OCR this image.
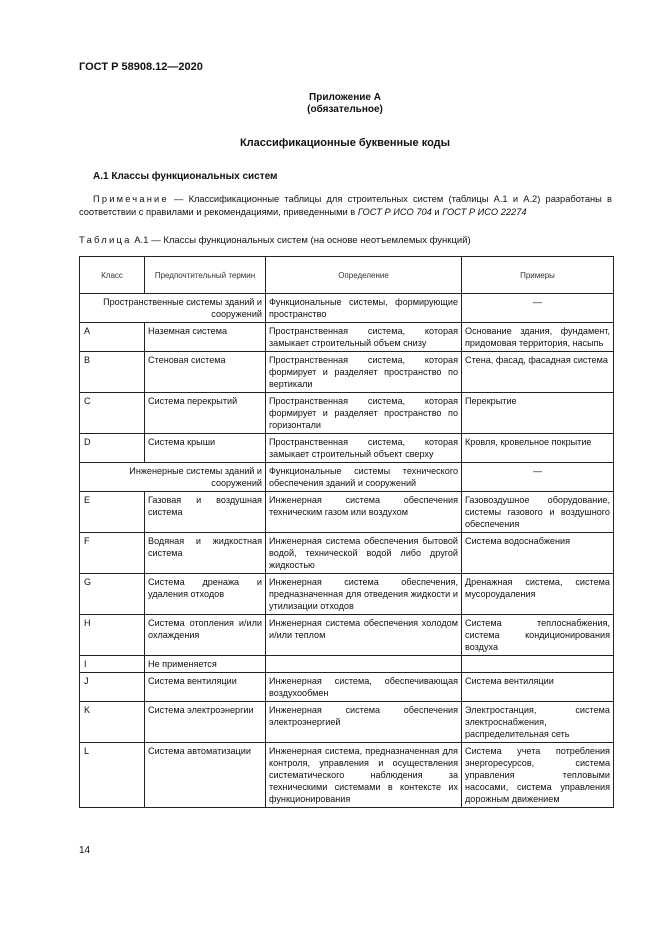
ГОСТ Р 58908.12—2020
Приложение А
(обязательное)
Классификационные буквенные коды
А.1 Классы функциональных систем
Примечание — Классификационные таблицы для строительных систем (таблицы А.1 и А.2) разработаны в соответствии с правилами и рекомендациями, приведенными в ГОСТ Р ИСО 704 и ГОСТ Р ИСО 22274
Таблица А.1 — Классы функциональных систем (на основе неотъемлемых функций)
Класс	Предпочтительный термин	Определение	Примеры
Пространственные системы зданий и сооружений		Функциональные системы, формирующие пространство	—
A	Наземная система	Пространственная система, которая замыкает строительный объем снизу	Основание здания, фундамент, придомовая территория, насыпь
B	Стеновая система	Пространственная система, которая формирует и разделяет пространство по вертикали	Стена, фасад, фасадная система
C	Система перекрытий	Пространственная система, которая формирует и разделяет пространство по горизонтали	Перекрытие
D	Система крыши	Пространственная система, которая замыкает строительный объект сверху	Кровля, кровельное покрытие
Инженерные системы зданий и сооружений		Функциональные системы технического обеспечения зданий и сооружений	—
E	Газовая и воздушная система	Инженерная система обеспечения техническим газом или воздухом	Газовоздушное оборудование, системы газового и воздушного обеспечения
F	Водяная и жидкостная система	Инженерная система обеспечения бытовой водой, технической водой либо другой жидкостью	Система водоснабжения
G	Система дренажа и удаления отходов	Инженерная система обеспечения, предназначенная для отведения жидкости и утилизации отходов	Дренажная система, система мусороудаления
H	Система отопления и/или охлаждения	Инженерная система обеспечения холодом и/или теплом	Система теплоснабжения, система кондиционирования воздуха
I	Не применяется		
J	Система вентиляции	Инженерная система, обеспечивающая воздухообмен	Система вентиляции
K	Система электроэнергии	Инженерная система обеспечения электроэнергией	Электростанция, система электроснабжения, распределительная сеть
L	Система автоматизации	Инженерная система, предназначенная для контроля, управления и осуществления систематического наблюдения за техническими системами в контексте их функционирования	Система учета потребления энергоресурсов, система управления тепловыми насосами, система управления дорожным движением
14
